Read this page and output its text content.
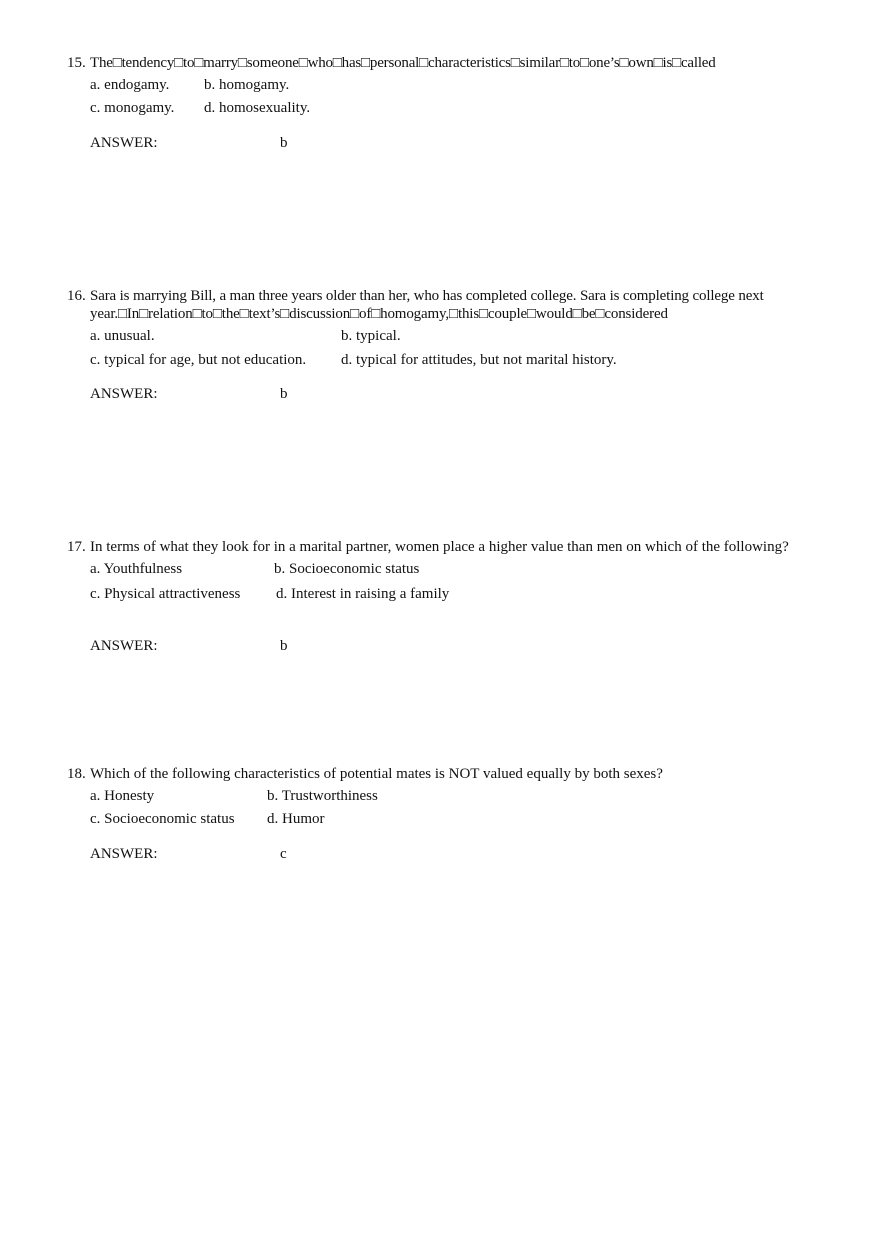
15. The□tendency□to□marry□someone□who□has□personal□characteristics□similar□to□one’s□own□is□called
a. endogamy. b. homogamy.
c. monogamy. d. homosexuality.
ANSWER:	b
16. Sara is marrying Bill, a man three years older than her, who has completed college. Sara is completing college next year.□In□relation□to□the□text’s□discussion□of□homogamy,□this□couple□would□be□considered
a. unusual.	b. typical.
c. typical for age, but not education. d. typical for attitudes, but not marital history.
ANSWER:	b
17. In terms of what they look for in a marital partner, women place a higher value than men on which of the following?
a. Youthfulness	b. Socioeconomic status
c. Physical attractiveness d. Interest in raising a family
ANSWER:	b
18. Which of the following characteristics of potential mates is NOT valued equally by both sexes?
a. Honesty	b. Trustworthiness
c. Socioeconomic status d. Humor
ANSWER:	c
